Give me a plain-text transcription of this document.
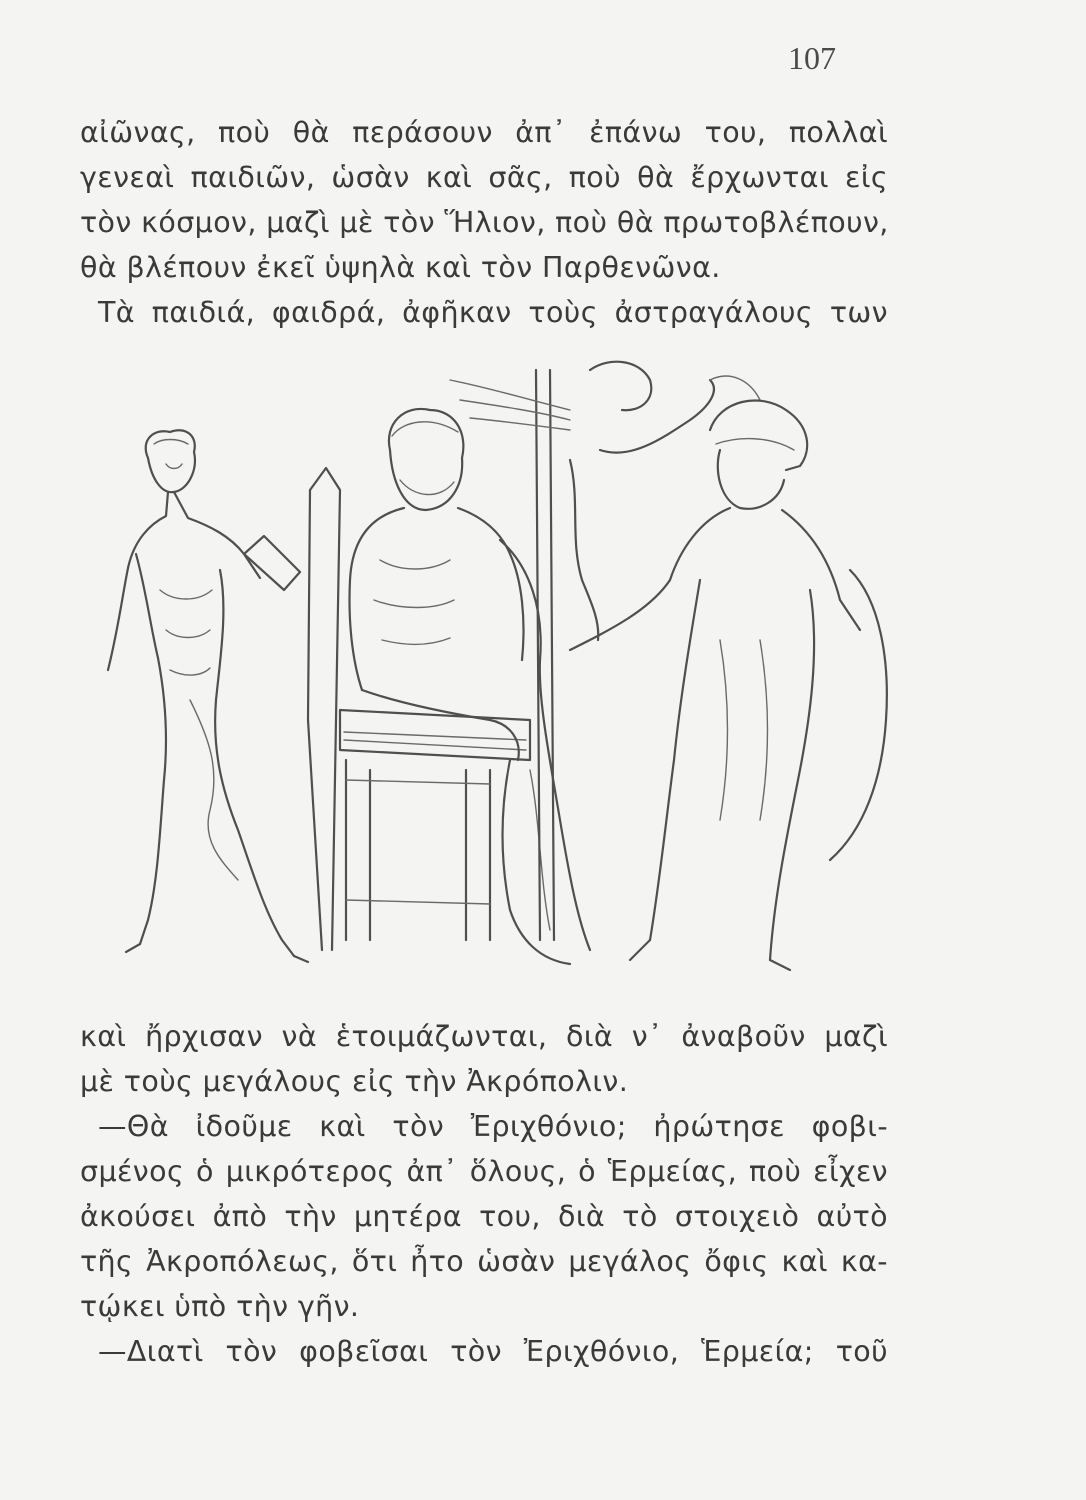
107
αἰῶνας, ποὺ θὰ περάσουν ἀπ᾽ ἐπάνω του, πολλαὶ
γενεαὶ παιδιῶν, ὡσὰν καὶ σᾶς, ποὺ θὰ ἔρχωνται εἰς
τὸν κόσμον, μαζὶ μὲ τὸν Ἥλιον, ποὺ θὰ πρωτοβλέπουν,
θὰ βλέπουν ἐκεῖ ὑψηλὰ καὶ τὸν Παρθενῶνα.
Τὰ παιδιά, φαιδρά, ἀφῆκαν τοὺς ἀστραγάλους των
καὶ ἤρχισαν νὰ ἑτοιμάζωνται, διὰ ν᾽ ἀναβοῦν μαζὶ
μὲ τοὺς μεγάλους εἰς τὴν Ἀκρόπολιν.
—Θὰ ἰδοῦμε καὶ τὸν Ἐριχθόνιο; ἠρώτησε φοβι-
σμένος ὁ μικρότερος ἀπ᾽ ὅλους, ὁ Ἑρμείας, ποὺ εἶχεν
ἀκούσει ἀπὸ τὴν μητέρα του, διὰ τὸ στοιχειὸ αὐτὸ
τῆς Ἀκροπόλεως, ὅτι ἦτο ὡσὰν μεγάλος ὄφις καὶ κα-
τῴκει ὑπὸ τὴν γῆν.
—Διατὶ τὸν φοβεῖσαι τὸν Ἐριχθόνιο, Ἑρμεία; τοῦ
